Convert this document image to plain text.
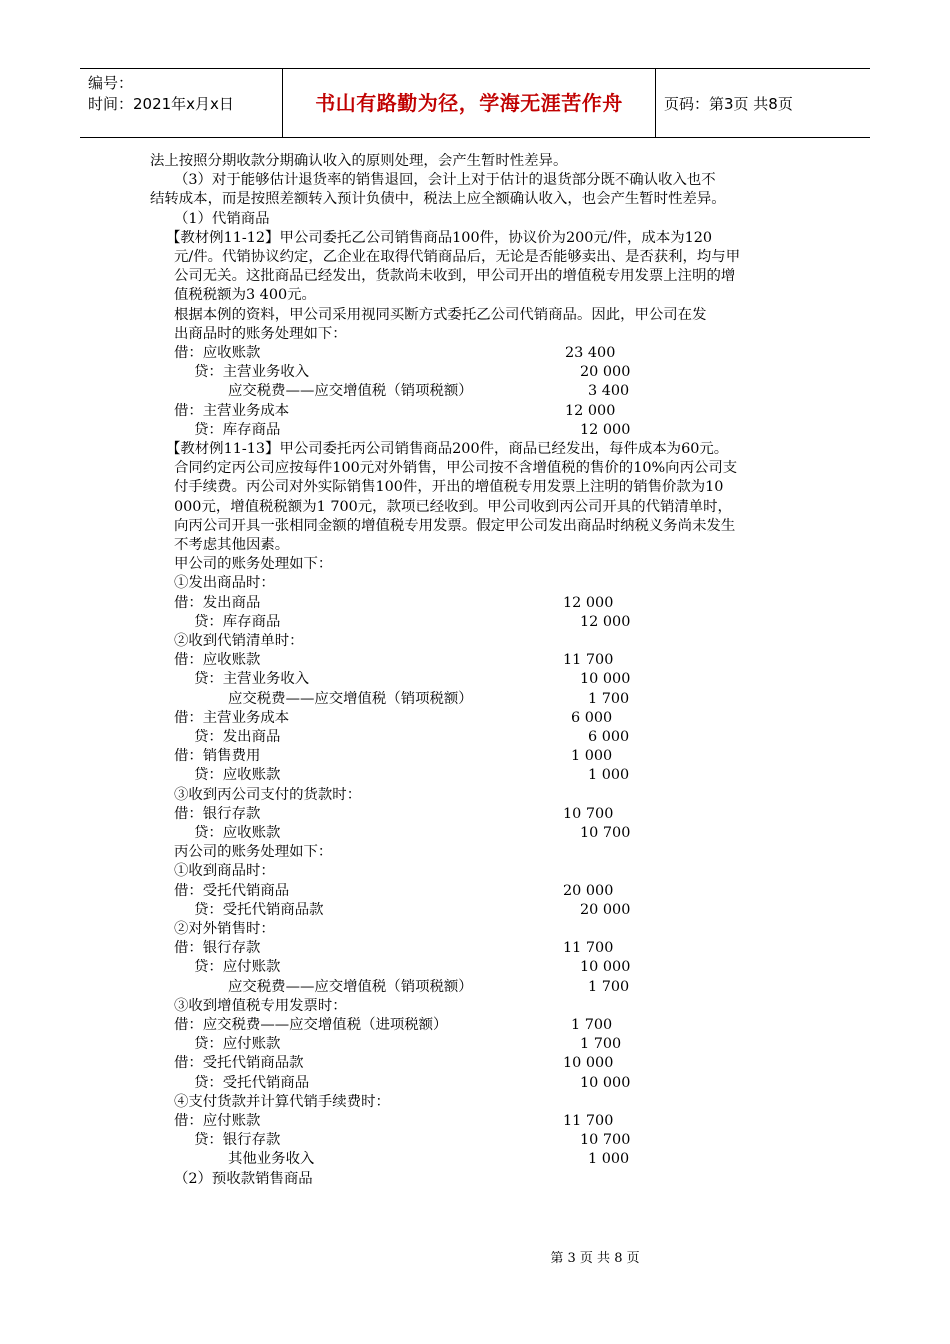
编号：
时间：2021年x月x日	书山有路勤为径，学海无涯苦作舟	页码：第3页 共8页
法上按照分期收款分期确认收入的原则处理，会产生暂时性差异。
（3）对于能够估计退货率的销售退回，会计上对于估计的退货部分既不确认收入也不
结转成本，而是按照差额转入预计负债中，税法上应全额确认收入，也会产生暂时性差异。
（1）代销商品
【教材例11-12】甲公司委托乙公司销售商品100件，协议价为200元/件，成本为120
元/件。代销协议约定，乙企业在取得代销商品后，无论是否能够卖出、是否获利，均与甲
公司无关。这批商品已经发出，货款尚未收到，甲公司开出的增值税专用发票上注明的增
值税税额为3 400元。
根据本例的资料，甲公司采用视同买断方式委托乙公司代销商品。因此，甲公司在发
出商品时的账务处理如下：
借：应收账款	23 400
贷：主营业务收入	20 000
应交税费——应交增值税（销项税额）	3 400
借：主营业务成本	12 000
贷：库存商品	12 000
【教材例11-13】甲公司委托丙公司销售商品200件，商品已经发出，每件成本为60元。
合同约定丙公司应按每件100元对外销售，甲公司按不含增值税的售价的10%向丙公司支
付手续费。丙公司对外实际销售100件，开出的增值税专用发票上注明的销售价款为10
000元，增值税税额为1 700元，款项已经收到。甲公司收到丙公司开具的代销清单时，
向丙公司开具一张相同金额的增值税专用发票。假定甲公司发出商品时纳税义务尚未发生
不考虑其他因素。
甲公司的账务处理如下：
①发出商品时：
借：发出商品	12 000
贷：库存商品	12 000
②收到代销清单时：
借：应收账款	11 700
贷：主营业务收入	10 000
应交税费——应交增值税（销项税额）	1 700
借：主营业务成本	6 000
贷：发出商品	6 000
借：销售费用	1 000
贷：应收账款	1 000
③收到丙公司支付的货款时：
借：银行存款	10 700
贷：应收账款	10 700
丙公司的账务处理如下：
①收到商品时：
借：受托代销商品	20 000
贷：受托代销商品款	20 000
②对外销售时：
借：银行存款	11 700
贷：应付账款	10 000
应交税费——应交增值税（销项税额）	1 700
③收到增值税专用发票时：
借：应交税费——应交增值税（进项税额）	1 700
贷：应付账款	1 700
借：受托代销商品款	10 000
贷：受托代销商品	10 000
④支付货款并计算代销手续费时：
借：应付账款	11 700
贷：银行存款	10 700
其他业务收入	1 000
（2）预收款销售商品
第 3 页 共 8 页
